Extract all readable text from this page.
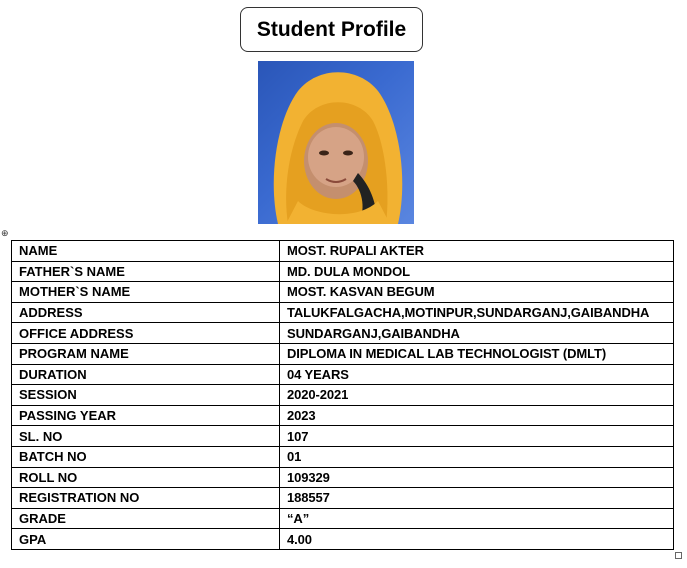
Student Profile
⊕
NAME	MOST. RUPALI AKTER
FATHER`S NAME	MD. DULA MONDOL
MOTHER`S NAME	MOST. KASVAN BEGUM
ADDRESS	TALUKFALGACHA,MOTINPUR,SUNDARGANJ,GAIBANDHA
OFFICE ADDRESS	SUNDARGANJ,GAIBANDHA
PROGRAM NAME	DIPLOMA IN MEDICAL LAB TECHNOLOGIST (DMLT)
DURATION	04 YEARS
SESSION	2020-2021
PASSING YEAR	2023
SL. NO	107
BATCH NO	01
ROLL NO	109329
REGISTRATION NO	188557
GRADE	“A”
GPA	4.00
